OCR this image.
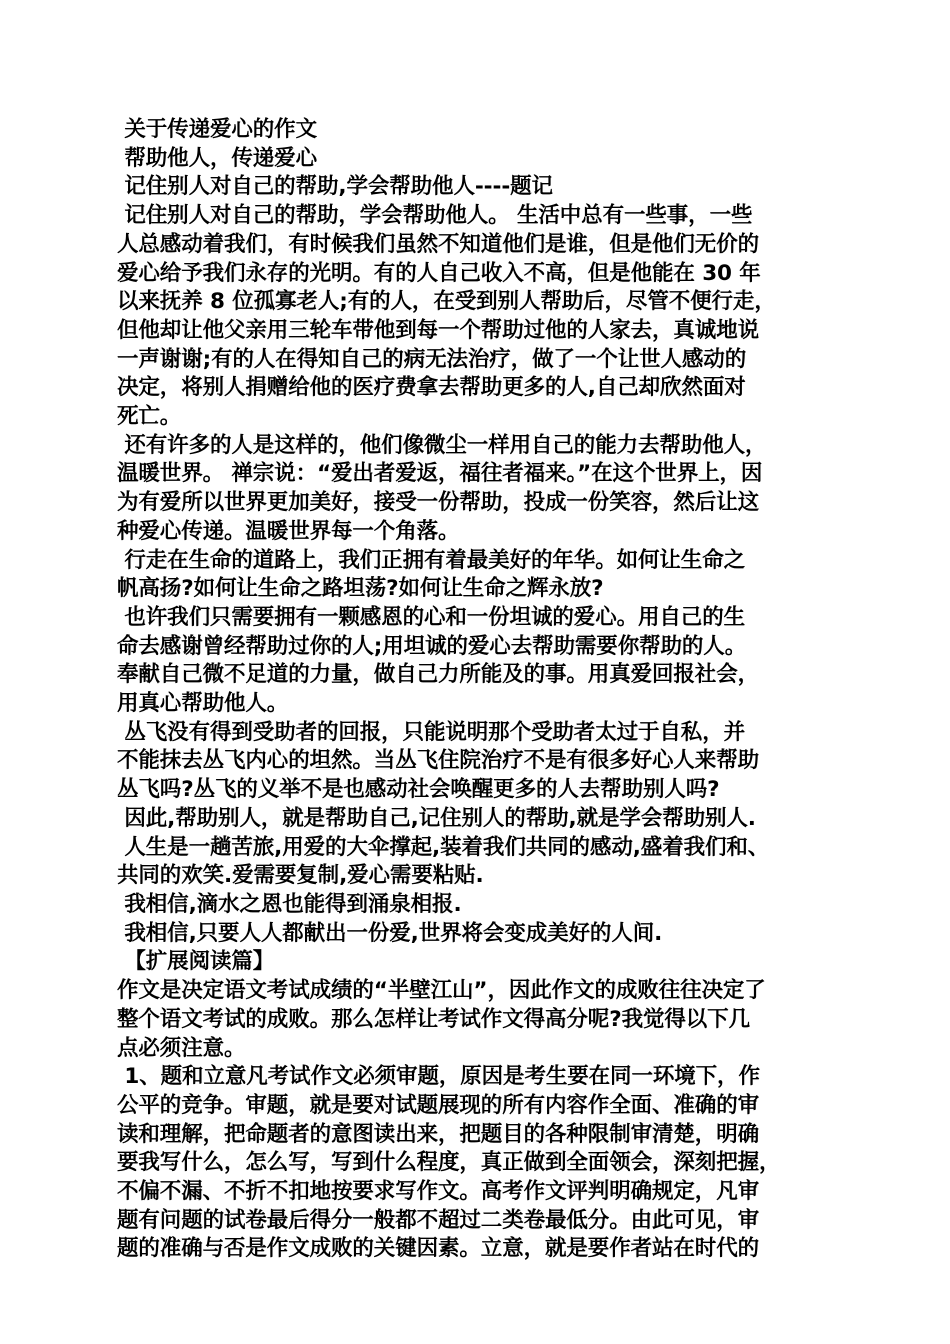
关于传递爱心的作文
帮助他人，传递爱心
记住别人对自己的帮助,学会帮助他人----题记
记住别人对自己的帮助，学会帮助他人。 生活中总有一些事，一些
人总感动着我们，有时候我们虽然不知道他们是谁，但是他们无价的
爱心给予我们永存的光明。有的人自己收入不高，但是他能在 30 年
以来抚养 8 位孤寡老人;有的人，在受到别人帮助后，尽管不便行走，
但他却让他父亲用三轮车带他到每一个帮助过他的人家去，真诚地说
一声谢谢;有的人在得知自己的病无法治疗，做了一个让世人感动的
决定，将别人捐赠给他的医疗费拿去帮助更多的人,自己却欣然面对
死亡。
还有许多的人是这样的，他们像微尘一样用自己的能力去帮助他人，
温暖世界。 禅宗说：“爱出者爱返，福往者福来。”在这个世界上，因
为有爱所以世界更加美好，接受一份帮助，投成一份笑容，然后让这
种爱心传递。温暖世界每一个角落。
行走在生命的道路上，我们正拥有着最美好的年华。如何让生命之
帆高扬?如何让生命之路坦荡?如何让生命之辉永放?
也许我们只需要拥有一颗感恩的心和一份坦诚的爱心。用自己的生
命去感谢曾经帮助过你的人;用坦诚的爱心去帮助需要你帮助的人。
奉献自己微不足道的力量，做自己力所能及的事。用真爱回报社会，
用真心帮助他人。
丛飞没有得到受助者的回报，只能说明那个受助者太过于自私，并
不能抹去丛飞内心的坦然。当丛飞住院治疗不是有很多好心人来帮助
丛飞吗?丛飞的义举不是也感动社会唤醒更多的人去帮助别人吗?
因此,帮助别人，就是帮助自己,记住别人的帮助,就是学会帮助别人.
人生是一趟苦旅,用爱的大伞撑起,装着我们共同的感动,盛着我们和、
共同的欢笑.爱需要复制,爱心需要粘贴.
我相信,滴水之恩也能得到涌泉相报.
我相信,只要人人都献出一份爱,世界将会变成美好的人间.
【扩展阅读篇】
作文是决定语文考试成绩的“半壁江山”，因此作文的成败往往决定了
整个语文考试的成败。那么怎样让考试作文得高分呢?我觉得以下几
点必须注意。
1、题和立意凡考试作文必须审题，原因是考生要在同一环境下，作
公平的竞争。审题，就是要对试题展现的所有内容作全面、准确的审
读和理解，把命题者的意图读出来，把题目的各种限制审清楚，明确
要我写什么，怎么写，写到什么程度，真正做到全面领会，深刻把握，
不偏不漏、不折不扣地按要求写作文。高考作文评判明确规定，凡审
题有问题的试卷最后得分一般都不超过二类卷最低分。由此可见，审
题的准确与否是作文成败的关键因素。立意，就是要作者站在时代的
